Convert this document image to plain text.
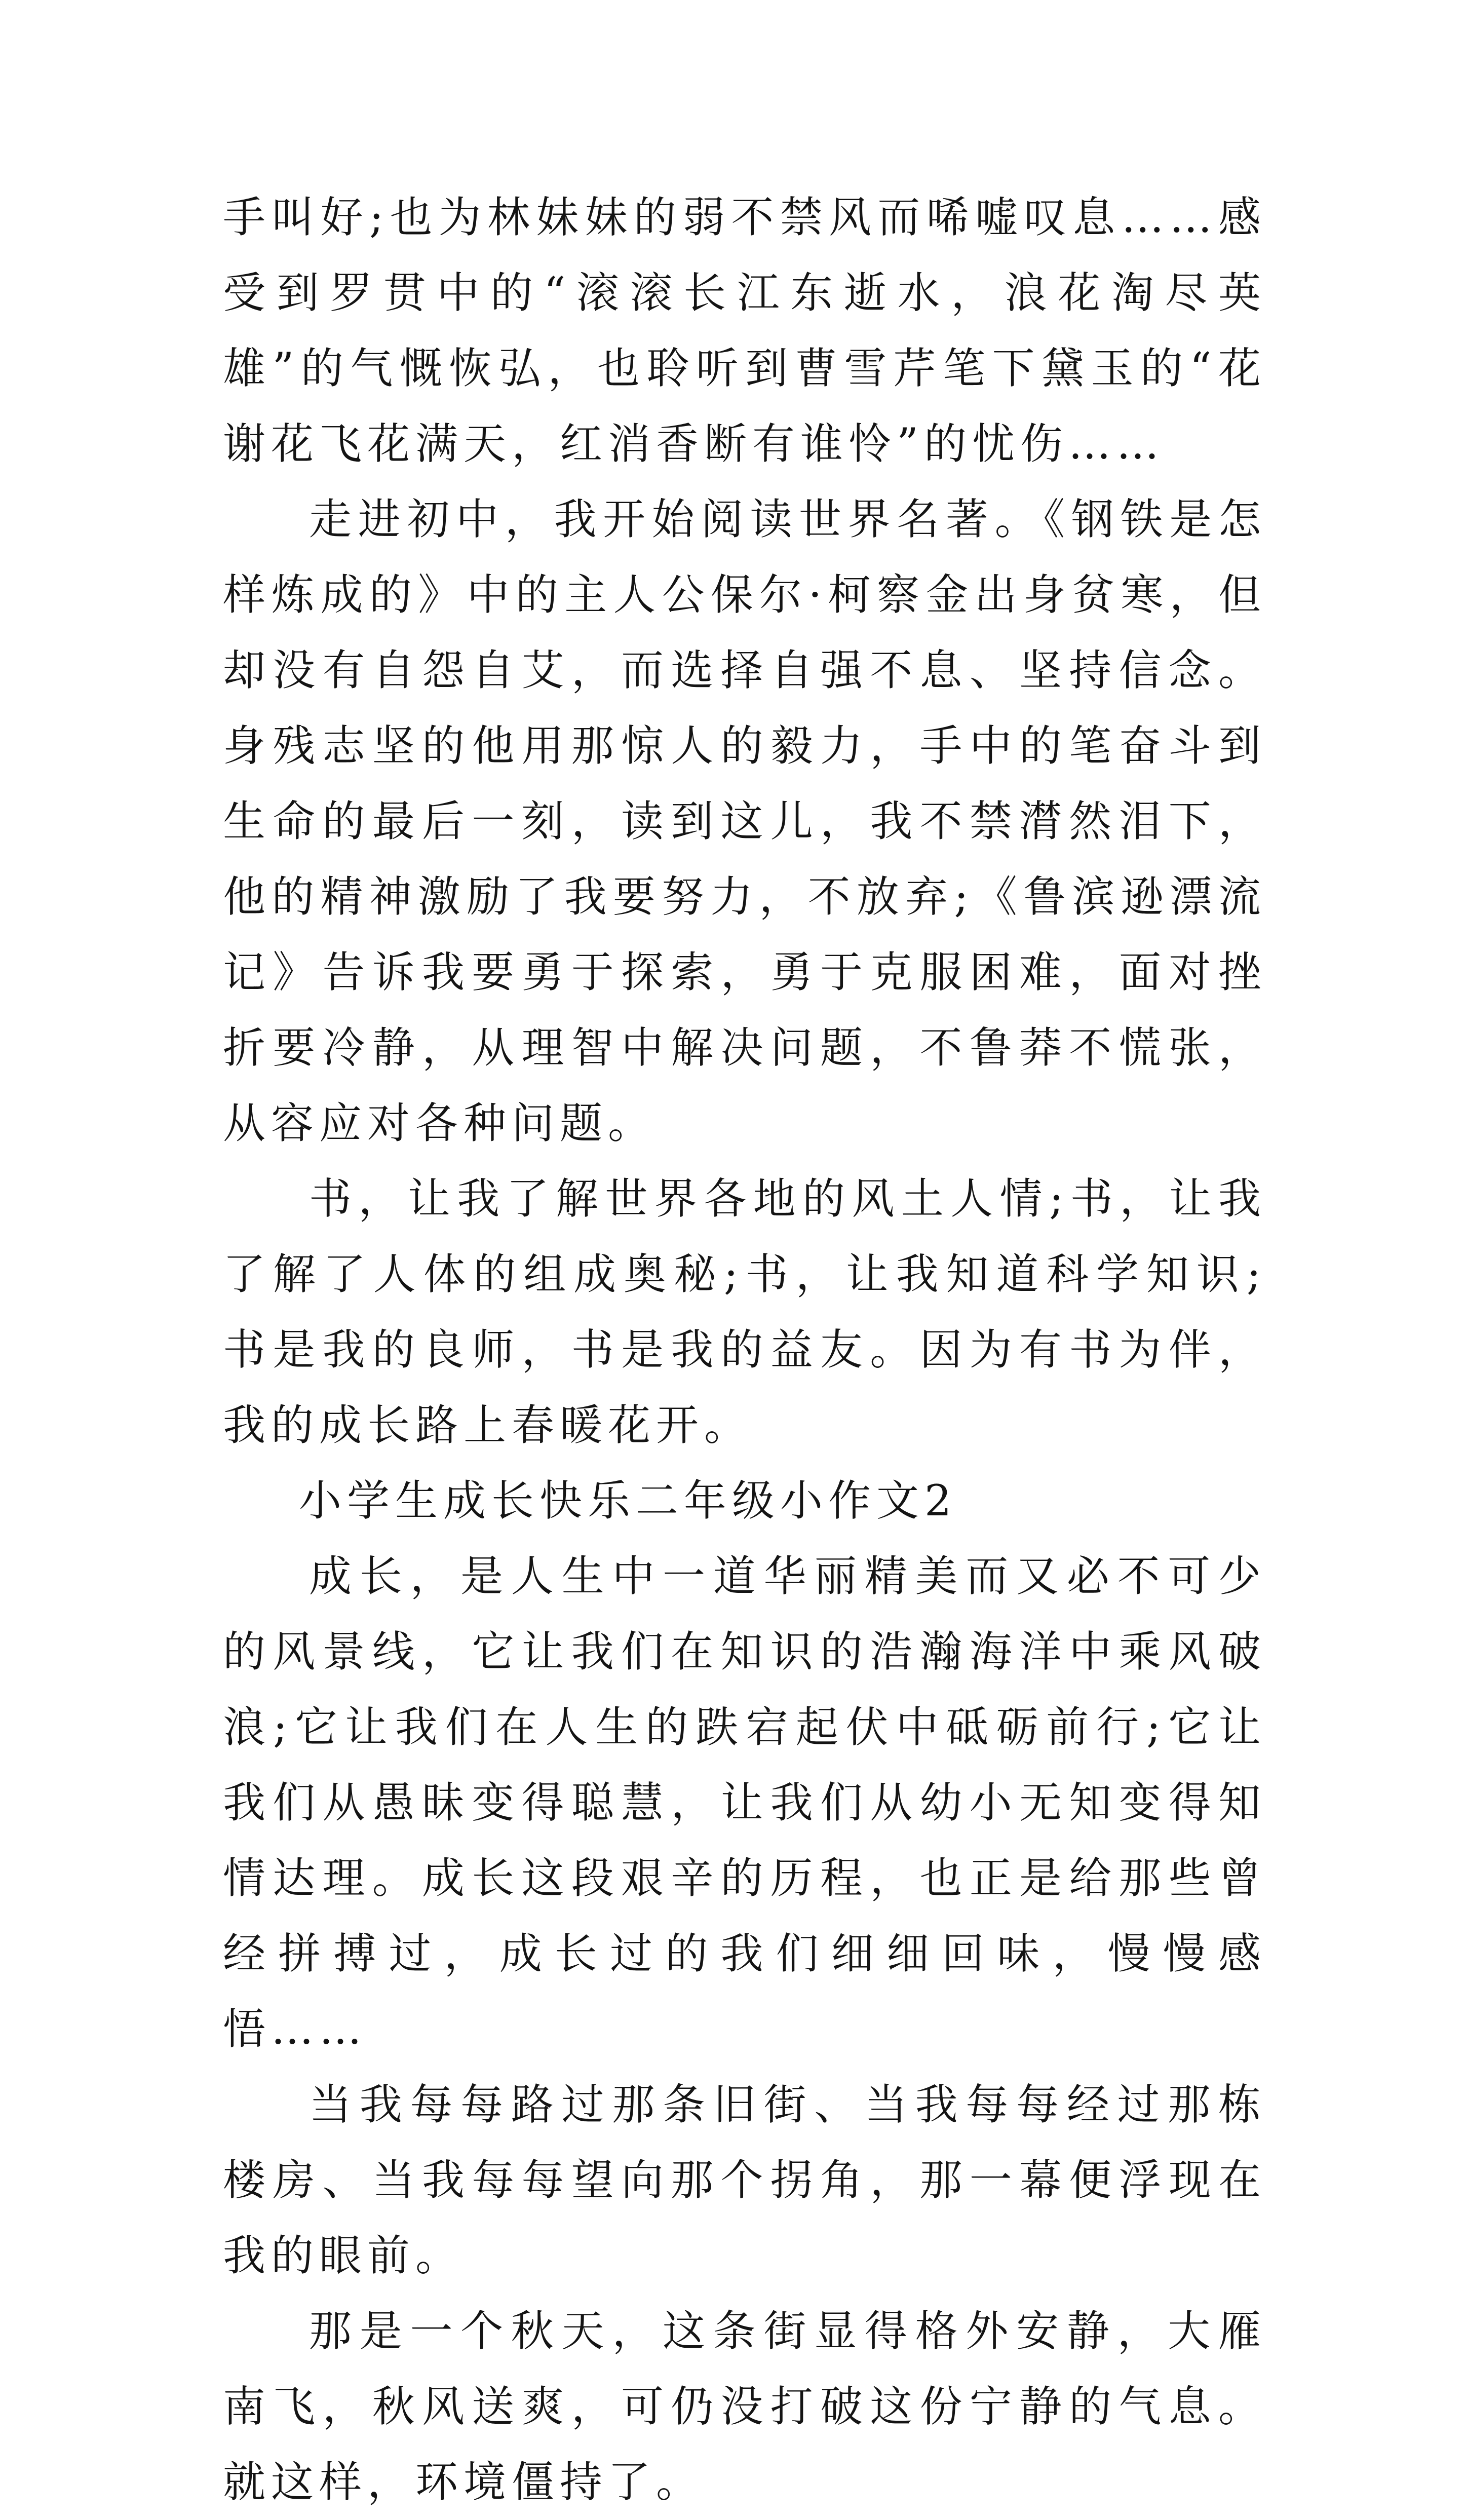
手叫好;也为林妹妹的弱不禁风而唏嘘叹息……感受到罗贯中的“滚滚长江东逝水，浪花淘尽英雄”的气慨恢弘，也聆听到曹雪芹笔下黛玉的“花谢花飞花满天，红消香断有谁怜”的忧伤……

走进初中，我开始阅读世界名著。《钢铁是怎样炼成的》中的主人公保尔·柯察金出身贫寒，但却没有自怨自艾，而选择自强不息、坚持信念。身残志坚的他用那惊人的毅力，手中的笔奋斗到生命的最后一刻，读到这儿，我不禁潸然泪下，他的精神激励了我要努力，不放弃;《鲁滨逊漂流记》告诉我要勇于探索，勇于克服困难，面对挫折要冷静，从理智中解决问题，不鲁莽不慌张，从容应对各种问题。

书，让我了解世界各地的风土人情;书，让我了解了人体的组成奥秘;书，让我知道科学知识;书是我的良师，书是我的益友。因为有书为伴，我的成长路上春暖花开。

小学生成长快乐二年级小作文2

成长，是人生中一道华丽精美而又必不可少的风景线，它让我们在知识的浩瀚海洋中乘风破浪;它让我们在人生的跌宕起伏中砥砺前行;它让我们从愚昧变得聪慧，让我们从幼小无知变得知情达理。成长这段艰辛的历程，也正是给那些曾经拼搏过，成长过的我们细细回味，慢慢感悟……

当我每每路过那条旧街、当我每每经过那栋楼房、当我每每望向那个拐角，那一幕便浮现在我的眼前。

那是一个秋天，这条街显得格外安静，大雁南飞，秋风送爽，可仍没打破这份宁静的气息。就这样，环境僵持了。
